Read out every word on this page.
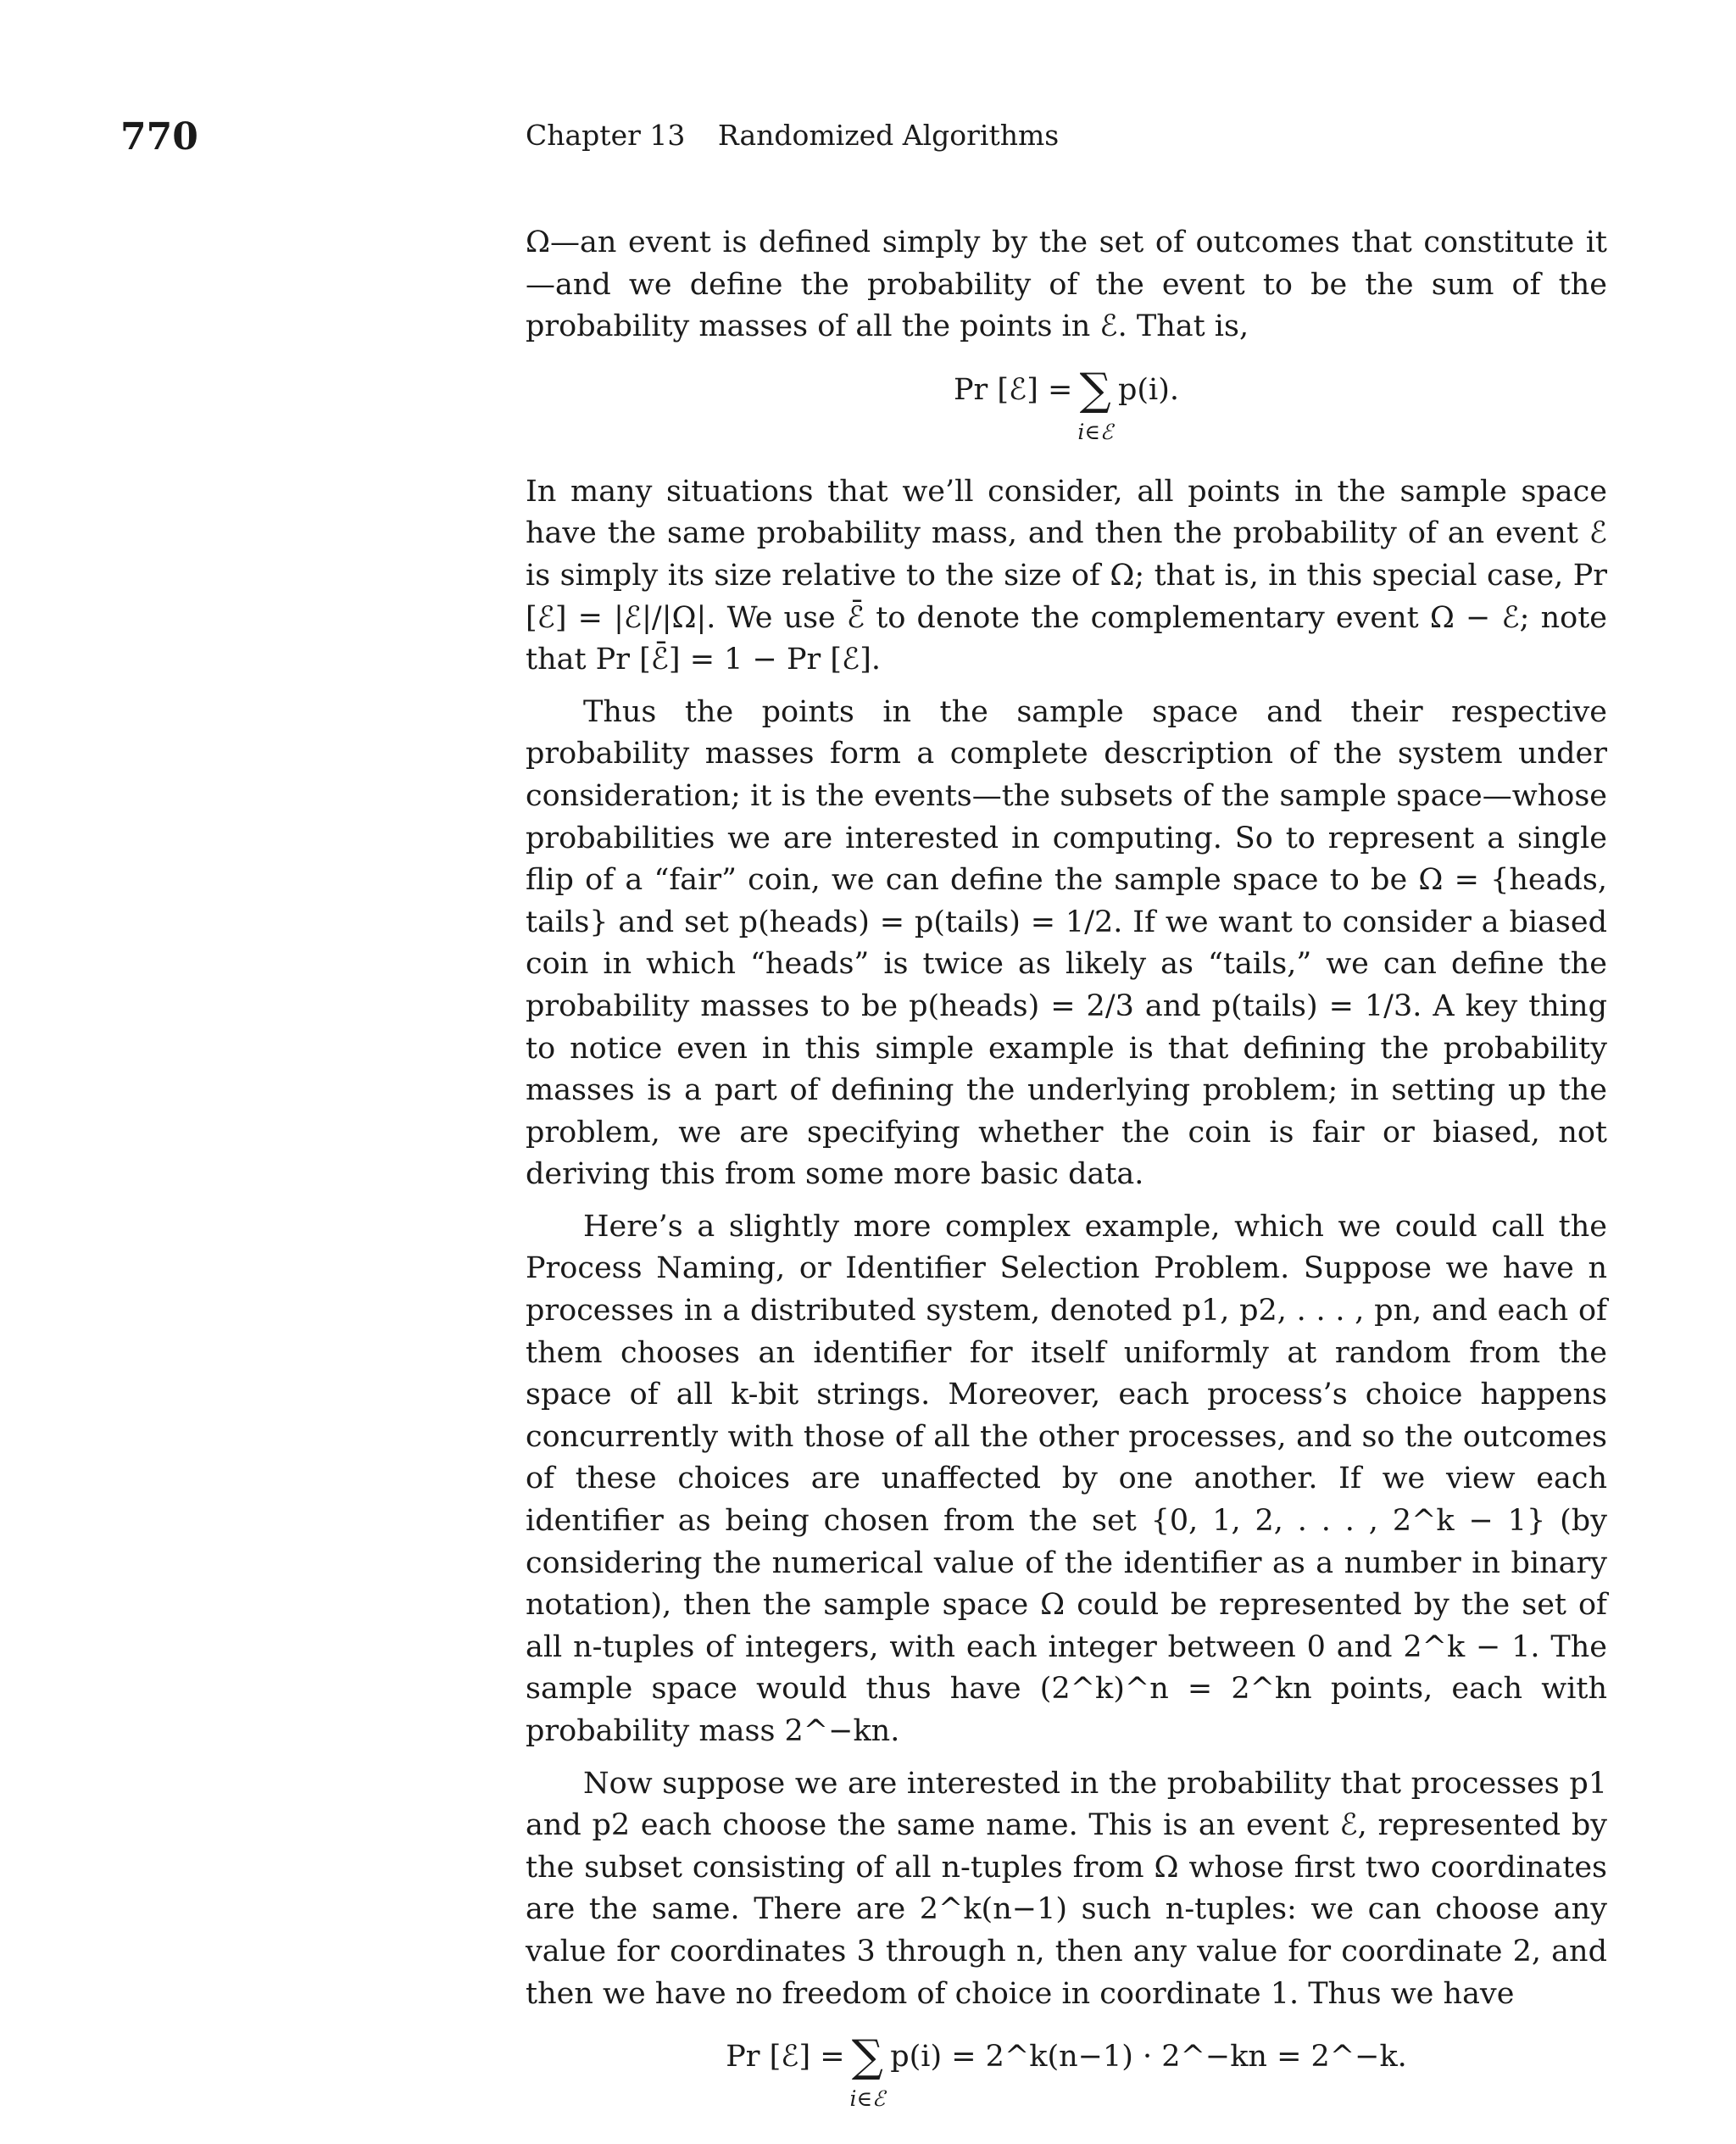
770	Chapter 13 Randomized Algorithms

Ω—an event is defined simply by the set of outcomes that constitute it—and we define the probability of the event to be the sum of the probability masses of all the points in ℰ. That is,

Pr [ℰ] = ∑
i∈ℰ
p(i).

In many situations that we’ll consider, all points in the sample space have the same probability mass, and then the probability of an event ℰ is simply its size relative to the size of Ω; that is, in this special case, Pr [ℰ] = |ℰ|/|Ω|. We use ℰ̄ to denote the complementary event Ω − ℰ; note that Pr [ℰ̄] = 1 − Pr [ℰ].

Thus the points in the sample space and their respective probability masses form a complete description of the system under consideration; it is the events—the subsets of the sample space—whose probabilities we are interested in computing. So to represent a single flip of a “fair” coin, we can define the sample space to be Ω = {heads, tails} and set p(heads) = p(tails) = 1/2. If we want to consider a biased coin in which “heads” is twice as likely as “tails,” we can define the probability masses to be p(heads) = 2/3 and p(tails) = 1/3. A key thing to notice even in this simple example is that defining the probability masses is a part of defining the underlying problem; in setting up the problem, we are specifying whether the coin is fair or biased, not deriving this from some more basic data.

Here’s a slightly more complex example, which we could call the Process Naming, or Identifier Selection Problem. Suppose we have n processes in a distributed system, denoted p1, p2, . . . , pn, and each of them chooses an identifier for itself uniformly at random from the space of all k-bit strings. Moreover, each process’s choice happens concurrently with those of all the other processes, and so the outcomes of these choices are unaffected by one another. If we view each identifier as being chosen from the set {0, 1, 2, . . . , 2^k − 1} (by considering the numerical value of the identifier as a number in binary notation), then the sample space Ω could be represented by the set of all n-tuples of integers, with each integer between 0 and 2^k − 1. The sample space would thus have (2^k)^n = 2^kn points, each with probability mass 2^−kn.

Now suppose we are interested in the probability that processes p1 and p2 each choose the same name. This is an event ℰ, represented by the subset consisting of all n-tuples from Ω whose first two coordinates are the same. There are 2^k(n−1) such n-tuples: we can choose any value for coordinates 3 through n, then any value for coordinate 2, and then we have no freedom of choice in coordinate 1. Thus we have

Pr [ℰ] = ∑
i∈ℰ
p(i) = 2^k(n−1) · 2^−kn = 2^−k.
